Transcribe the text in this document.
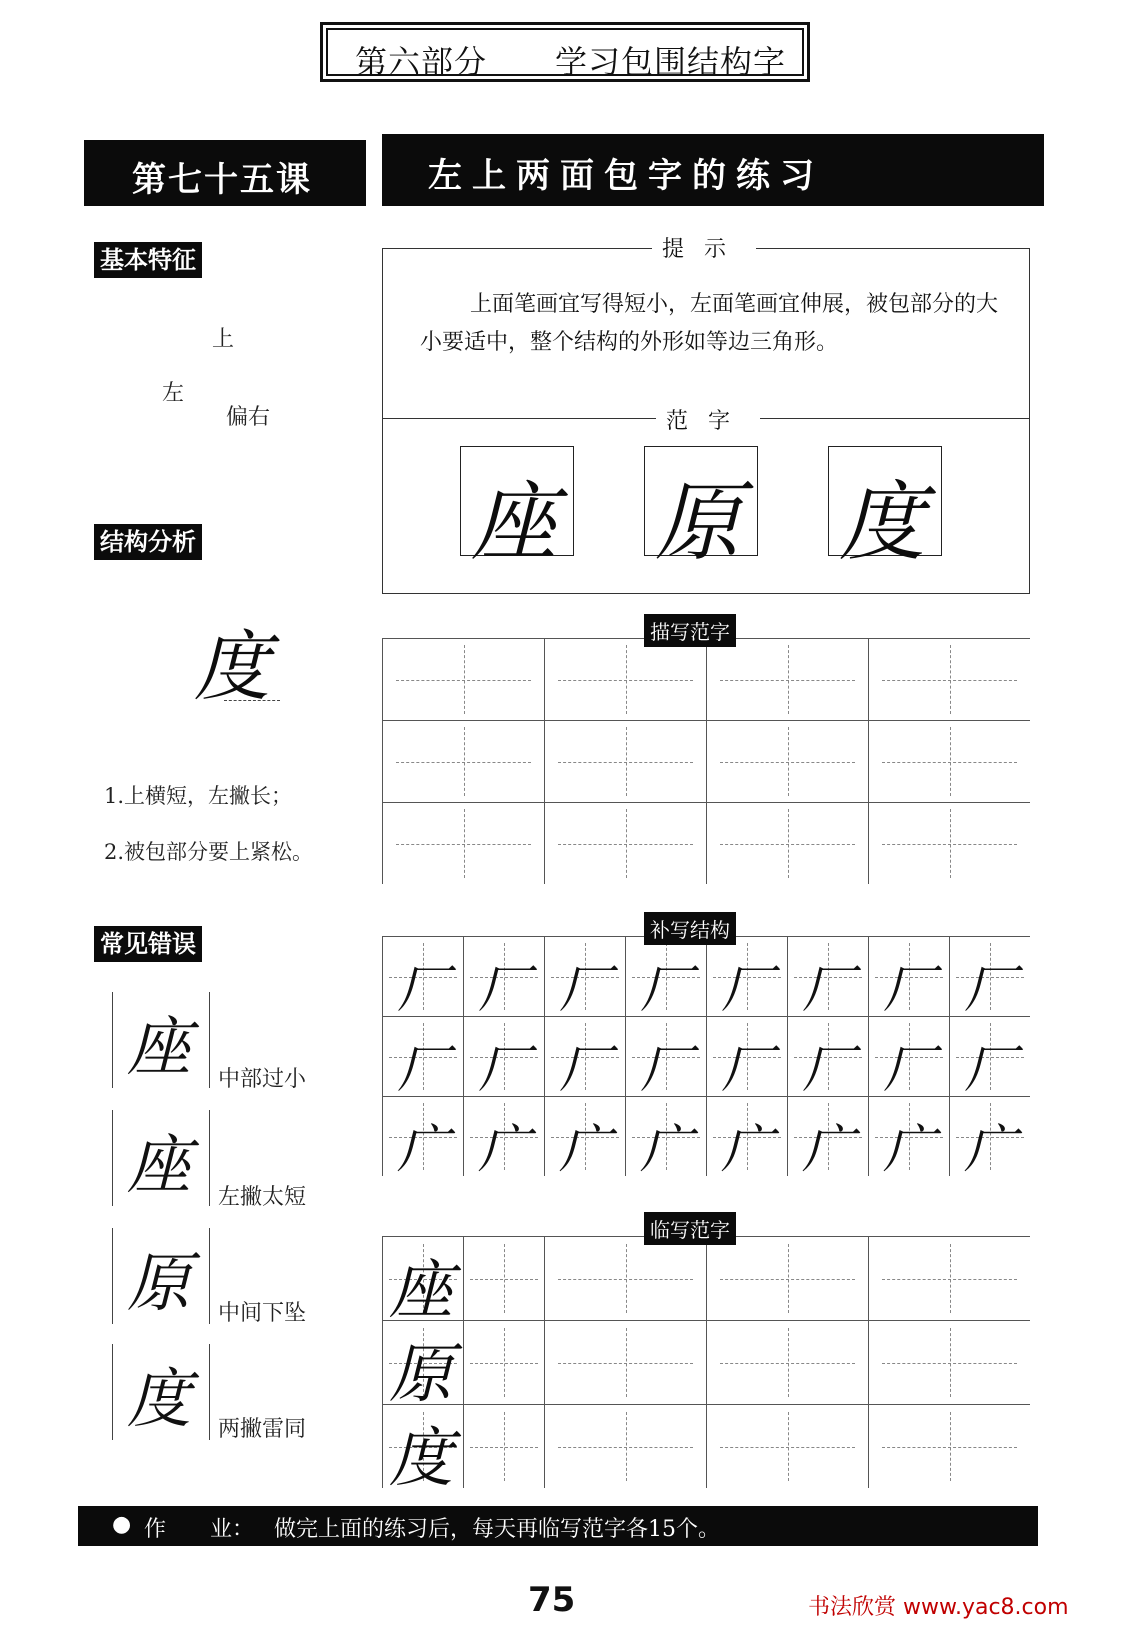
第六部分 学习包围结构字
第七十五课	左上两面包字的练习
基本特征
上
左
偏右
提示
上面笔画宜写得短小，左面笔画宜伸展，被包部分的大小要适中，整个结构的外形如等边三角形。
范字
座 原 度
结构分析
度
1.上横短，左撇长；
2.被包部分要上紧松。
描写范字
常见错误
座 中部过小
座 左撇太短
原 中间下坠
度 两撇雷同
补写结构
厂 厂 厂 厂 厂 厂 厂 厂
厂 厂 厂 厂 厂 厂 厂 厂
广 广 广 广 广 广 广 广
临写范字
座
原
度
● 作　　业： 做完上面的练习后，每天再临写范字各15个。
75	书法欣赏 www.yac8.com
